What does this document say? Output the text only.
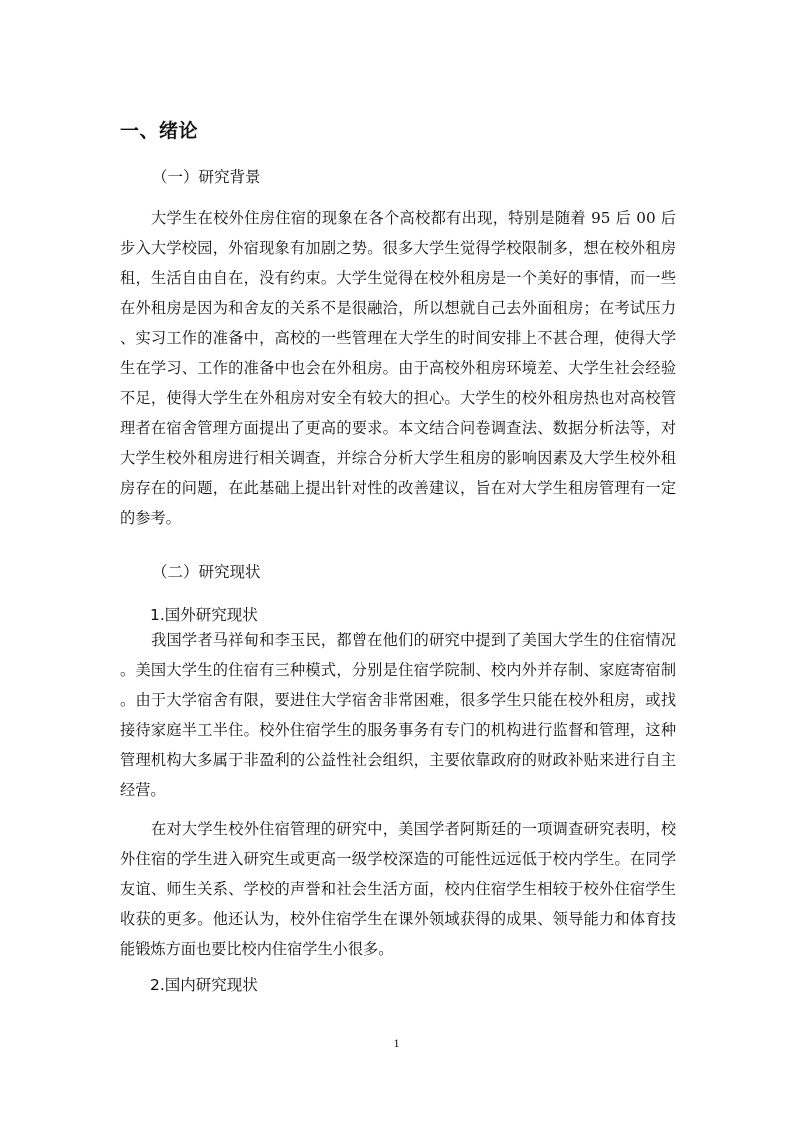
一、绪论
（一）研究背景

大学生在校外住房住宿的现象在各个高校都有出现，特别是随着 95 后 00 后步入大学校园，外宿现象有加剧之势。很多大学生觉得学校限制多，想在校外租房租，生活自由自在，没有约束。大学生觉得在校外租房是一个美好的事情，而一些在外租房是因为和舍友的关系不是很融洽，所以想就自己去外面租房；在考试压力、实习工作的准备中，高校的一些管理在大学生的时间安排上不甚合理，使得大学生在学习、工作的准备中也会在外租房。由于高校外租房环境差、大学生社会经验不足，使得大学生在外租房对安全有较大的担心。大学生的校外租房热也对高校管理者在宿舍管理方面提出了更高的要求。本文结合问卷调查法、数据分析法等，对大学生校外租房进行相关调查，并综合分析大学生租房的影响因素及大学生校外租房存在的问题，在此基础上提出针对性的改善建议，旨在对大学生租房管理有一定的参考。

（二）研究现状
1.国外研究现状

我国学者马祥甸和李玉民，都曾在他们的研究中提到了美国大学生的住宿情况。美国大学生的住宿有三种模式，分别是住宿学院制、校内外并存制、家庭寄宿制。由于大学宿舍有限，要进住大学宿舍非常困难，很多学生只能在校外租房，或找接待家庭半工半住。校外住宿学生的服务事务有专门的机构进行监督和管理，这种管理机构大多属于非盈利的公益性社会组织，主要依靠政府的财政补贴来进行自主经营。

在对大学生校外住宿管理的研究中，美国学者阿斯廷的一项调查研究表明，校外住宿的学生进入研究生或更高一级学校深造的可能性远远低于校内学生。在同学友谊、师生关系、学校的声誉和社会生活方面，校内住宿学生相较于校外住宿学生收获的更多。他还认为，校外住宿学生在课外领域获得的成果、领导能力和体育技能锻炼方面也要比校内住宿学生小很多。

2.国内研究现状
1
